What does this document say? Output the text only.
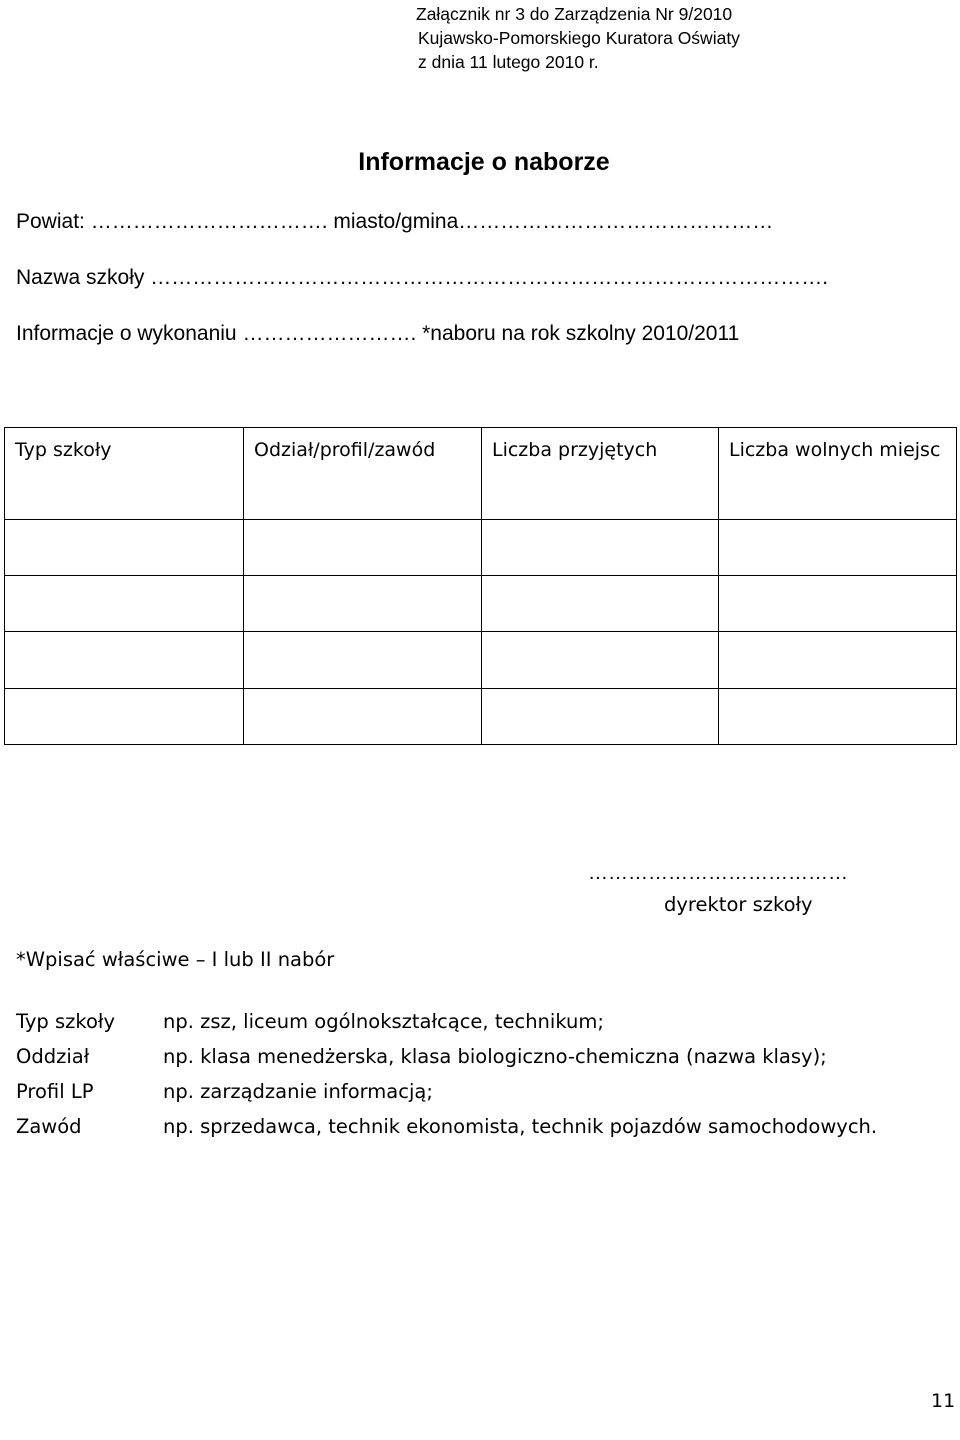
Załącznik nr 3 do Zarządzenia Nr 9/2010
Kujawsko-Pomorskiego Kuratora Oświaty
z dnia 11 lutego 2010 r.
Informacje o naborze
Powiat: ……………………………. miasto/gmina………………………………………
Nazwa szkoły …………………………………………………………………………………….
Informacje o wykonaniu ……………………. *naboru na rok szkolny 2010/2011
Typ szkoły	Odział/profil/zawód	Liczba przyjętych	Liczba wolnych miejsc

…………………………………
dyrektor szkoły
*Wpisać właściwe – I lub II nabór
Typ szkoły	np. zsz, liceum ogólnokształcące, technikum;
Oddział	np. klasa menedżerska, klasa biologiczno-chemiczna (nazwa klasy);
Profil LP	np. zarządzanie informacją;
Zawód	np. sprzedawca, technik ekonomista, technik pojazdów samochodowych.
11
